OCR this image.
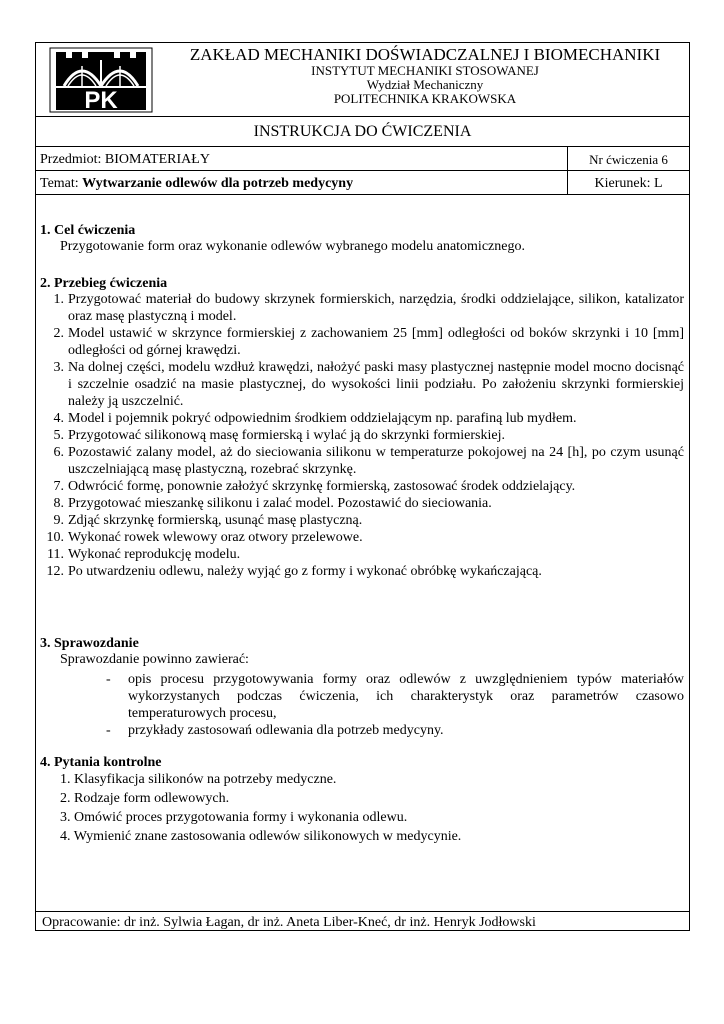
PK
ZAKŁAD MECHANIKI DOŚWIADCZALNEJ I BIOMECHANIKI
INSTYTUT MECHANIKI STOSOWANEJ
Wydział Mechaniczny
POLITECHNIKA KRAKOWSKA
INSTRUKCJA DO ĆWICZENIA
Przedmiot: BIOMATERIAŁY	Nr ćwiczenia 6
Temat: Wytwarzanie odlewów dla potrzeb medycyny	Kierunek: L
1. Cel ćwiczenia
Przygotowanie form oraz wykonanie odlewów wybranego modelu anatomicznego.
2. Przebieg ćwiczenia
1. Przygotować materiał do budowy skrzynek formierskich, narzędzia, środki oddzielające, silikon, katalizator oraz masę plastyczną i model.
2. Model ustawić w skrzynce formierskiej z zachowaniem 25 [mm] odległości od boków skrzynki i 10 [mm] odległości od górnej krawędzi.
3. Na dolnej części, modelu wzdłuż krawędzi, nałożyć paski masy plastycznej następnie model mocno docisnąć i szczelnie osadzić na masie plastycznej, do wysokości linii podziału. Po założeniu skrzynki formierskiej należy ją uszczelnić.
4. Model i pojemnik pokryć odpowiednim środkiem oddzielającym np. parafiną lub mydłem.
5. Przygotować silikonową masę formierską i wylać ją do skrzynki formierskiej.
6. Pozostawić zalany model, aż do sieciowania silikonu w temperaturze pokojowej na 24 [h], po czym usunąć uszczelniającą masę plastyczną, rozebrać skrzynkę.
7. Odwrócić formę, ponownie założyć skrzynkę formierską, zastosować środek oddzielający.
8. Przygotować mieszankę silikonu i zalać model. Pozostawić do sieciowania.
9. Zdjąć skrzynkę formierską, usunąć masę plastyczną.
10. Wykonać rowek wlewowy oraz otwory przelewowe.
11. Wykonać reprodukcję modelu.
12. Po utwardzeniu odlewu, należy wyjąć go z formy i wykonać obróbkę wykańczającą.
3. Sprawozdanie
Sprawozdanie powinno zawierać:
- opis procesu przygotowywania formy oraz odlewów z uwzględnieniem typów materiałów wykorzystanych podczas ćwiczenia, ich charakterystyk oraz parametrów czasowo temperaturowych procesu,
- przykłady zastosowań odlewania dla potrzeb medycyny.
4. Pytania kontrolne
1. Klasyfikacja silikonów na potrzeby medyczne.
2. Rodzaje form odlewowych.
3. Omówić proces przygotowania formy i wykonania odlewu.
4. Wymienić znane zastosowania odlewów silikonowych w medycynie.
Opracowanie: dr inż. Sylwia Łagan, dr inż. Aneta Liber-Kneć, dr inż. Henryk Jodłowski
